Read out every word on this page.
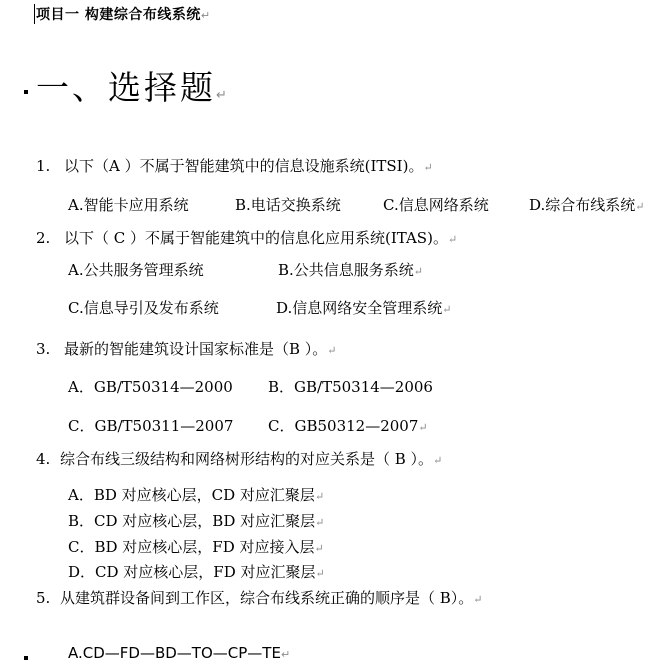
项目一 构建综合布线系统↵
一、选择题↵
1. 以下（A ）不属于智能建筑中的信息设施系统(ITSI)。↵
A.智能卡应用系统	B.电话交换系统	C.信息网络系统	D.综合布线系统↵
2. 以下（ C ）不属于智能建筑中的信息化应用系统(ITAS)。↵
A.公共服务管理系统	B.公共信息服务系统↵
C.信息导引及发布系统	D.信息网络安全管理系统↵
3. 最新的智能建筑设计国家标准是（B ）。↵
A．GB/T50314—2000 B．GB/T50314—2006
C．GB/T50311—2007 C．GB50312—2007↵
4. 综合布线三级结构和网络树形结构的对应关系是（ B ）。↵
A．BD 对应核心层，CD 对应汇聚层↵
B．CD 对应核心层，BD 对应汇聚层↵
C．BD 对应核心层，FD 对应接入层↵
D．CD 对应核心层，FD 对应汇聚层↵
5. 从建筑群设备间到工作区，综合布线系统正确的顺序是（ B）。↵
A.CD—FD—BD—TO—CP—TE↵
